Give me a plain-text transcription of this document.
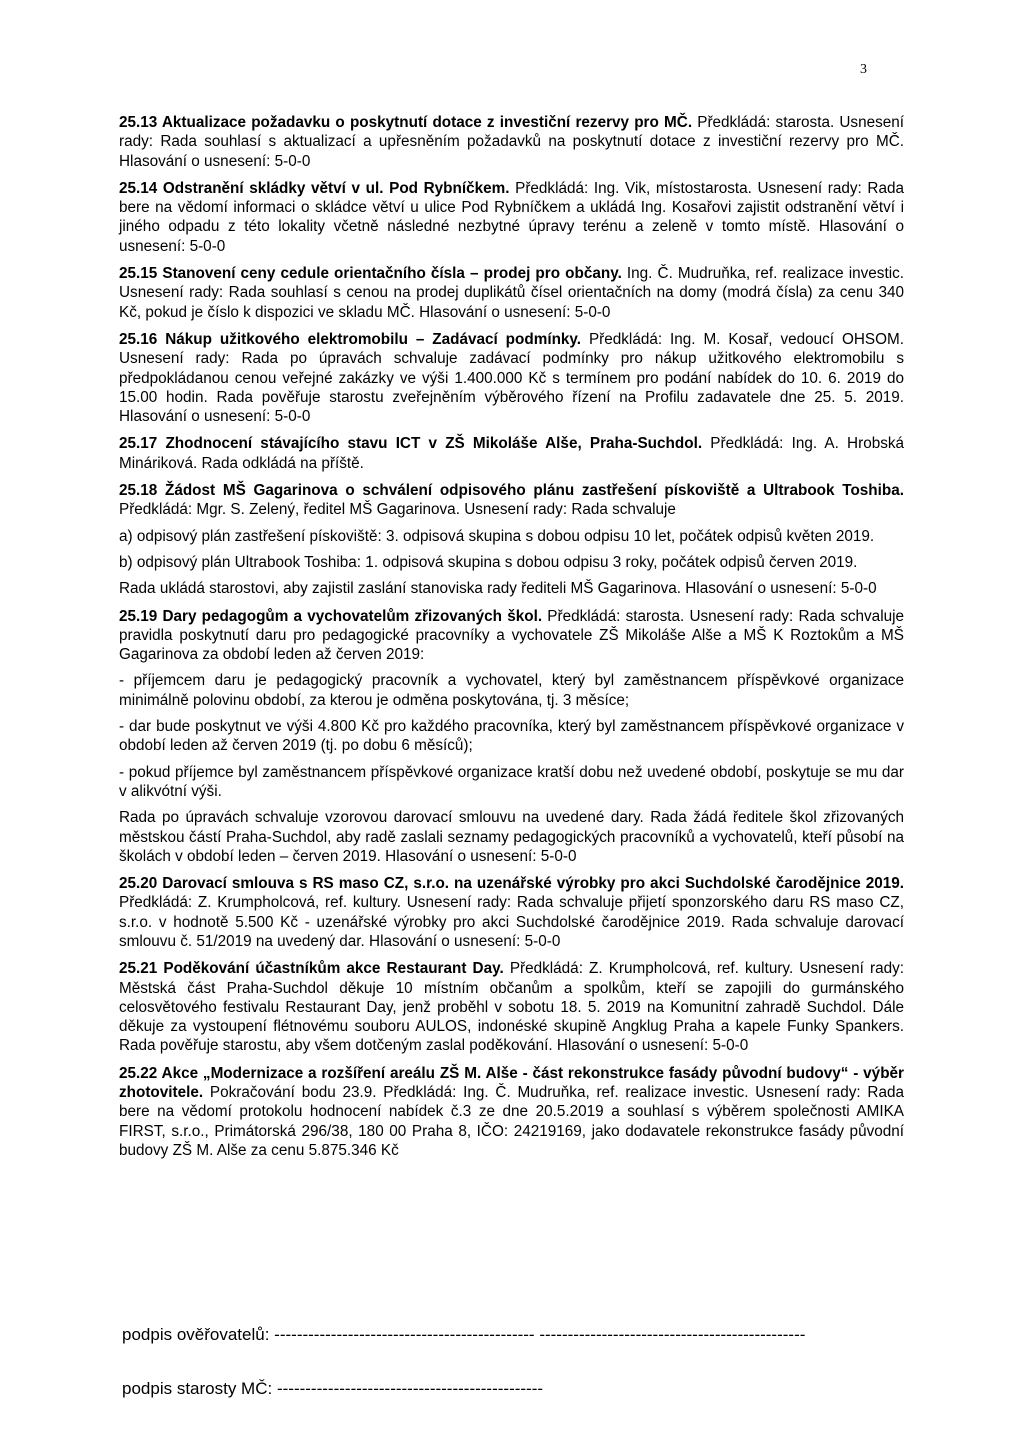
3

25.13 Aktualizace požadavku o poskytnutí dotace z investiční rezervy pro MČ. Předkládá: starosta. Usnesení rady: Rada souhlasí s aktualizací a upřesněním požadavků na poskytnutí dotace z investiční rezervy pro MČ. Hlasování o usnesení: 5-0-0

25.14 Odstranění skládky větví v ul. Pod Rybníčkem. Předkládá: Ing. Vik, místostarosta. Usnesení rady: Rada bere na vědomí informaci o skládce větví u ulice Pod Rybníčkem a ukládá Ing. Kosařovi zajistit odstranění větví i jiného odpadu z této lokality včetně následné nezbytné úpravy terénu a zeleně v tomto místě. Hlasování o usnesení: 5-0-0

25.15 Stanovení ceny cedule orientačního čísla – prodej pro občany. Ing. Č. Mudruňka, ref. realizace investic. Usnesení rady: Rada souhlasí s cenou na prodej duplikátů čísel orientačních na domy (modrá čísla) za cenu 340 Kč, pokud je číslo k dispozici ve skladu MČ. Hlasování o usnesení: 5-0-0

25.16 Nákup užitkového elektromobilu – Zadávací podmínky. Předkládá: Ing. M. Kosař, vedoucí OHSOM. Usnesení rady: Rada po úpravách schvaluje zadávací podmínky pro nákup užitkového elektromobilu s předpokládanou cenou veřejné zakázky ve výši 1.400.000 Kč s termínem pro podání nabídek do 10. 6. 2019 do 15.00 hodin. Rada pověřuje starostu zveřejněním výběrového řízení na Profilu zadavatele dne 25. 5. 2019. Hlasování o usnesení: 5-0-0

25.17 Zhodnocení stávajícího stavu ICT v ZŠ Mikoláše Alše, Praha-Suchdol. Předkládá: Ing. A. Hrobská Mináriková. Rada odkládá na příště.

25.18 Žádost MŠ Gagarinova o schválení odpisového plánu zastřešení pískoviště a Ultrabook Toshiba. Předkládá: Mgr. S. Zelený, ředitel MŠ Gagarinova. Usnesení rady: Rada schvaluje

a) odpisový plán zastřešení pískoviště: 3. odpisová skupina s dobou odpisu 10 let, počátek odpisů květen 2019.

b) odpisový plán Ultrabook Toshiba: 1. odpisová skupina s dobou odpisu 3 roky, počátek odpisů červen 2019.

Rada ukládá starostovi, aby zajistil zaslání stanoviska rady řediteli MŠ Gagarinova. Hlasování o usnesení: 5-0-0

25.19 Dary pedagogům a vychovatelům zřizovaných škol. Předkládá: starosta. Usnesení rady: Rada schvaluje pravidla poskytnutí daru pro pedagogické pracovníky a vychovatele ZŠ Mikoláše Alše a MŠ K Roztokům a MŠ Gagarinova za období leden až červen 2019:

- příjemcem daru je pedagogický pracovník a vychovatel, který byl zaměstnancem příspěvkové organizace minimálně polovinu období, za kterou je odměna poskytována, tj. 3 měsíce;
- dar bude poskytnut ve výši 4.800 Kč pro každého pracovníka, který byl zaměstnancem příspěvkové organizace v období leden až červen 2019 (tj. po dobu 6 měsíců);
- pokud příjemce byl zaměstnancem příspěvkové organizace kratší dobu než uvedené období, poskytuje se mu dar v alikvótní výši.

Rada po úpravách schvaluje vzorovou darovací smlouvu na uvedené dary. Rada žádá ředitele škol zřizovaných městskou částí Praha-Suchdol, aby radě zaslali seznamy pedagogických pracovníků a vychovatelů, kteří působí na školách v období leden – červen 2019. Hlasování o usnesení: 5-0-0

25.20 Darovací smlouva s RS maso CZ, s.r.o. na uzenářské výrobky pro akci Suchdolské čarodějnice 2019. Předkládá: Z. Krumpholcová, ref. kultury. Usnesení rady: Rada schvaluje přijetí sponzorského daru RS maso CZ, s.r.o. v hodnotě 5.500 Kč - uzenářské výrobky pro akci Suchdolské čarodějnice 2019. Rada schvaluje darovací smlouvu č. 51/2019 na uvedený dar. Hlasování o usnesení: 5-0-0

25.21 Poděkování účastníkům akce Restaurant Day. Předkládá: Z. Krumpholcová, ref. kultury. Usnesení rady: Městská část Praha-Suchdol děkuje 10 místním občanům a spolkům, kteří se zapojili do gurmánského celosvětového festivalu Restaurant Day, jenž proběhl v sobotu 18. 5. 2019 na Komunitní zahradě Suchdol. Dále děkuje za vystoupení flétnovému souboru AULOS, indonéské skupině Angklug Praha a kapele Funky Spankers. Rada pověřuje starostu, aby všem dotčeným zaslal poděkování. Hlasování o usnesení: 5-0-0

25.22 Akce „Modernizace a rozšíření areálu ZŠ M. Alše - část rekonstrukce fasády původní budovy“ - výběr zhotovitele. Pokračování bodu 23.9. Předkládá: Ing. Č. Mudruňka, ref. realizace investic. Usnesení rady: Rada bere na vědomí protokolu hodnocení nabídek č.3 ze dne 20.5.2019 a souhlasí s výběrem společnosti AMIKA FIRST, s.r.o., Primátorská 296/38, 180 00 Praha 8, IČO: 24219169, jako dodavatele rekonstrukce fasády původní budovy ZŠ M. Alše za cenu 5.875.346 Kč

podpis ověřovatelů: ---------------------------------------------- -----------------------------------------------
podpis starosty MČ: -----------------------------------------------
